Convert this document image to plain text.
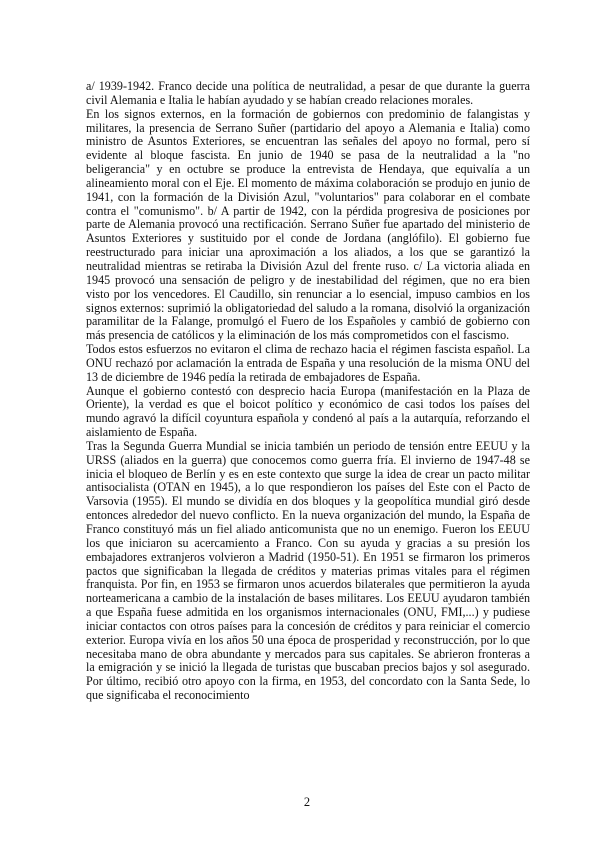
a/ 1939-1942. Franco decide una política de neutralidad, a pesar de que durante la guerra civil Alemania e Italia le habían ayudado y se habían creado relaciones morales.

En los signos externos, en la formación de gobiernos con predominio de falangistas y militares, la presencia de Serrano Suñer (partidario del apoyo a Alemania e Italia) como ministro de Asuntos Exteriores, se encuentran las señales del apoyo no formal, pero sí evidente al bloque fascista. En junio de 1940 se pasa de la neutralidad a la "no beligerancia" y en octubre se produce la entrevista de Hendaya, que equivalía a un alineamiento moral con el Eje. El momento de máxima colaboración se produjo en junio de 1941, con la formación de la División Azul, "voluntarios" para colaborar en el combate contra el "comunismo". b/ A partir de 1942, con la pérdida progresiva de posiciones por parte de Alemania provocó una rectificación. Serrano Suñer fue apartado del ministerio de Asuntos Exteriores y sustituido por el conde de Jordana (anglófilo). El gobierno fue reestructurado para iniciar una aproximación a los aliados, a los que se garantizó la neutralidad mientras se retiraba la División Azul del frente ruso. c/ La victoria aliada en 1945 provocó una sensación de peligro y de inestabilidad del régimen, que no era bien visto por los vencedores. El Caudillo, sin renunciar a lo esencial, impuso cambios en los signos externos: suprimió la obligatoriedad del saludo a la romana, disolvió la organización paramilitar de la Falange, promulgó el Fuero de los Españoles y cambió de gobierno con más presencia de católicos y la eliminación de los más comprometidos con el fascismo.

Todos estos esfuerzos no evitaron el clima de rechazo hacia el régimen fascista español. La ONU rechazó por aclamación la entrada de España y una resolución de la misma ONU del 13 de diciembre de 1946 pedía la retirada de embajadores de España.

Aunque el gobierno contestó con desprecio hacia Europa (manifestación en la Plaza de Oriente), la verdad es que el boicot político y económico de casi todos los países del mundo agravó la difícil coyuntura española y condenó al país a la autarquía, reforzando el aislamiento de España.

Tras la Segunda Guerra Mundial se inicia también un periodo de tensión entre EEUU y la URSS (aliados en la guerra) que conocemos como guerra fría. El invierno de 1947-48 se inicia el bloqueo de Berlín y es en este contexto que surge la idea de crear un pacto militar antisocialista (OTAN en 1945), a lo que respondieron los países del Este con el Pacto de Varsovia (1955). El mundo se dividía en dos bloques y la geopolítica mundial giró desde entonces alrededor del nuevo conflicto. En la nueva organización del mundo, la España de Franco constituyó más un fiel aliado anticomunista que no un enemigo. Fueron los EEUU los que iniciaron su acercamiento a Franco. Con su ayuda y gracias a su presión los embajadores extranjeros volvieron a Madrid (1950-51). En 1951 se firmaron los primeros pactos que significaban la llegada de créditos y materias primas vitales para el régimen franquista. Por fin, en 1953 se firmaron unos acuerdos bilaterales que permitieron la ayuda norteamericana a cambio de la instalación de bases militares. Los EEUU ayudaron también a que España fuese admitida en los organismos internacionales (ONU, FMI,...) y pudiese iniciar contactos con otros países para la concesión de créditos y para reiniciar el comercio exterior. Europa vivía en los años 50 una época de prosperidad y reconstrucción, por lo que necesitaba mano de obra abundante y mercados para sus capitales. Se abrieron fronteras a la emigración y se inició la llegada de turistas que buscaban precios bajos y sol asegurado. Por último, recibió otro apoyo con la firma, en 1953, del concordato con la Santa Sede, lo que significaba el reconocimiento

2
